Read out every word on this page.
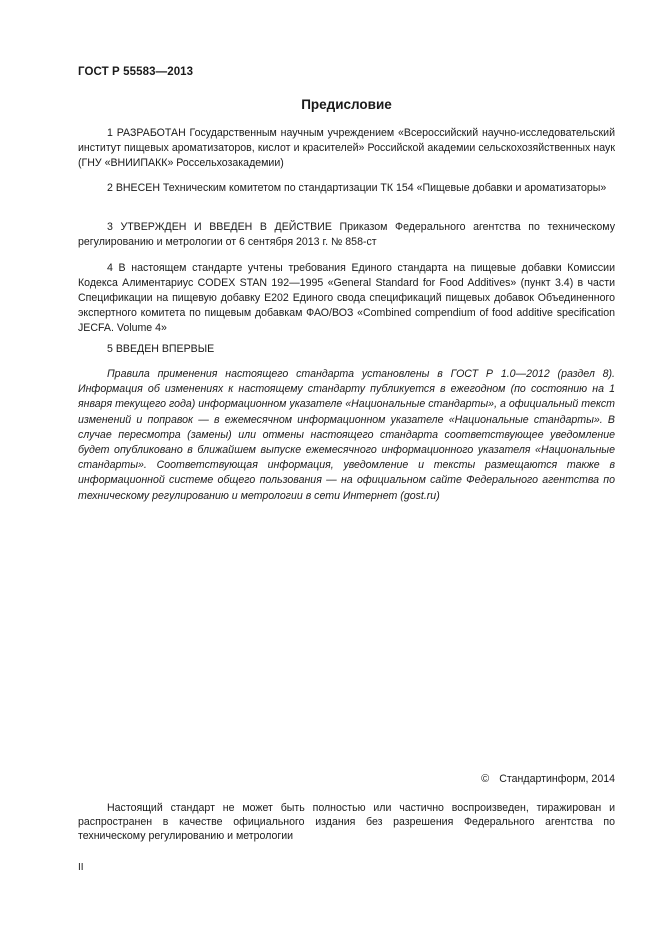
ГОСТ Р 55583—2013
Предисловие

1 РАЗРАБОТАН Государственным научным учреждением «Всероссийский научно-исследовательский институт пищевых ароматизаторов, кислот и красителей» Российской академии сельскохозяйственных наук (ГНУ «ВНИИПАКК» Россельхозакадемии)

2 ВНЕСЕН Техническим комитетом по стандартизации ТК 154 «Пищевые добавки и ароматизаторы»

3 УТВЕРЖДЕН И ВВЕДЕН В ДЕЙСТВИЕ Приказом Федерального агентства по техническому регулированию и метрологии от 6 сентября 2013 г. № 858-ст

4 В настоящем стандарте учтены требования Единого стандарта на пищевые добавки Комиссии Кодекса Алиментариус CODEX STAN 192—1995 «General Standard for Food Additives» (пункт 3.4) в части Спецификации на пищевую добавку Е202 Единого свода спецификаций пищевых добавок Объединенного экспертного комитета по пищевым добавкам ФАО/ВОЗ «Combined compendium of food additive specification JECFA. Volume 4»

5 ВВЕДЕН ВПЕРВЫЕ

Правила применения настоящего стандарта установлены в ГОСТ Р 1.0—2012 (раздел 8). Информация об изменениях к настоящему стандарту публикуется в ежегодном (по состоянию на 1 января текущего года) информационном указателе «Национальные стандарты», а официальный текст изменений и поправок — в ежемесячном информационном указателе «Национальные стандарты». В случае пересмотра (замены) или отмены настоящего стандарта соответствующее уведомление будет опубликовано в ближайшем выпуске ежемесячного информационного указателя «Национальные стандарты». Соответствующая информация, уведомление и тексты размещаются также в информационной системе общего пользования — на официальном сайте Федерального агентства по техническому регулированию и метрологии в сети Интернет (gost.ru)

© Стандартинформ, 2014

Настоящий стандарт не может быть полностью или частично воспроизведен, тиражирован и распространен в качестве официального издания без разрешения Федерального агентства по техническому регулированию и метрологии

II
